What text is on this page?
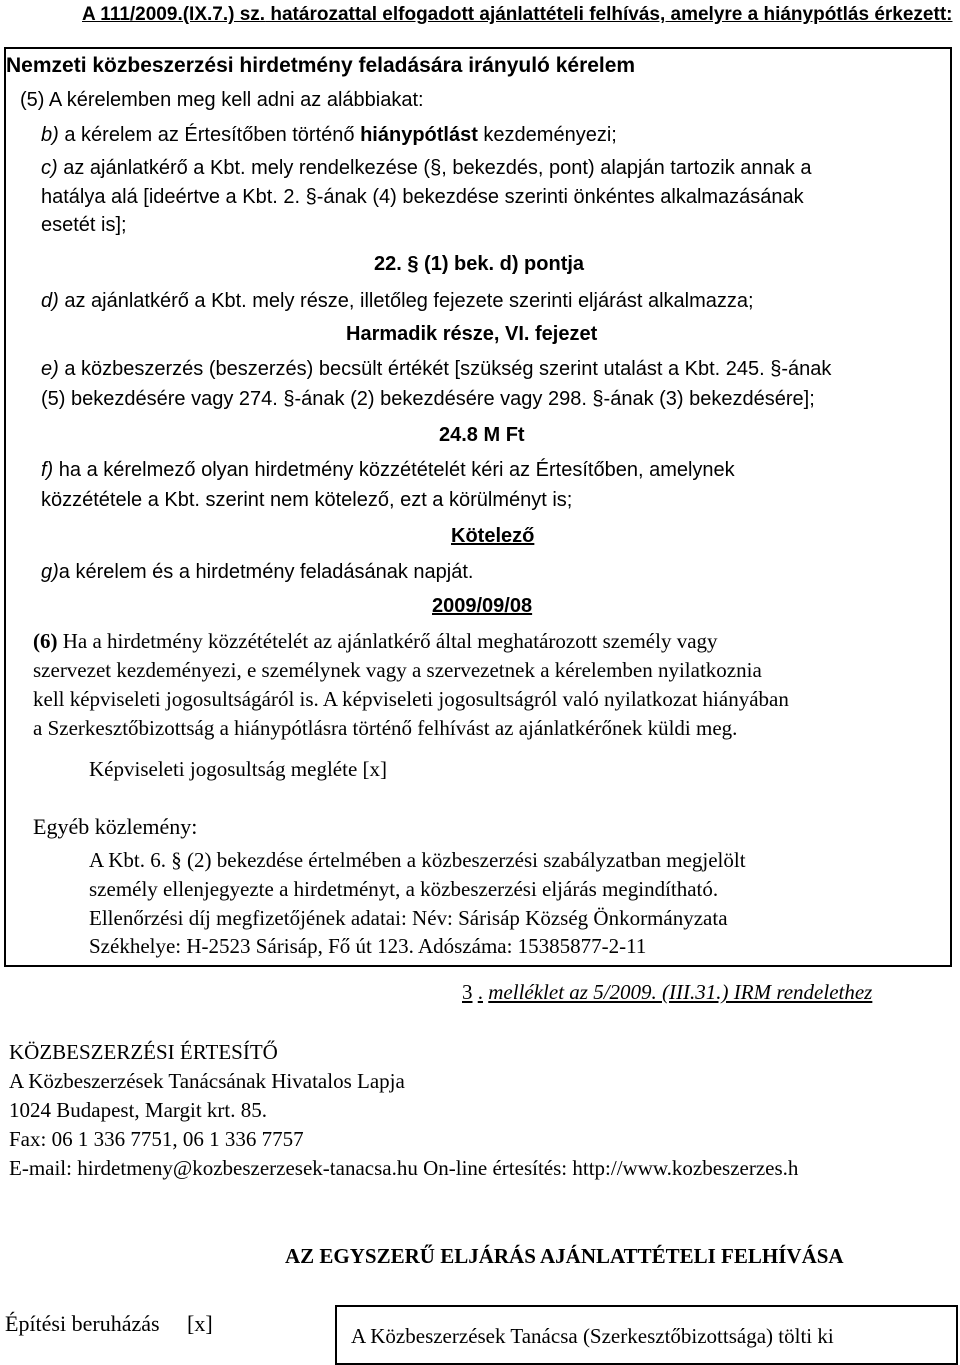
A 111/2009.(IX.7.) sz. határozattal elfogadott ajánlattételi felhívás, amelyre a hiánypótlás érkezett:
Nemzeti közbeszerzési hirdetmény feladására irányuló kérelem
(5) A kérelemben meg kell adni az alábbiakat:
b) a kérelem az Értesítőben történő hiánypótlást kezdeményezi;
c) az ajánlatkérő a Kbt. mely rendelkezése (§, bekezdés, pont) alapján tartozik annak a
hatálya alá [ideértve a Kbt. 2. §-ának (4) bekezdése szerinti önkéntes alkalmazásának
esetét is];
22. § (1) bek. d) pontja
d) az ajánlatkérő a Kbt. mely része, illetőleg fejezete szerinti eljárást alkalmazza;
Harmadik része, VI. fejezet
e) a közbeszerzés (beszerzés) becsült értékét [szükség szerint utalást a Kbt. 245. §-ának
(5) bekezdésére vagy 274. §-ának (2) bekezdésére vagy 298. §-ának (3) bekezdésére];
24.8 M Ft
f) ha a kérelmező olyan hirdetmény közzétételét kéri az Értesítőben, amelynek
közzététele a Kbt. szerint nem kötelező, ezt a körülményt is;
Kötelező
g)a kérelem és a hirdetmény feladásának napját.
2009/09/08
(6) Ha a hirdetmény közzétételét az ajánlatkérő által meghatározott személy vagy
szervezet kezdeményezi, e személynek vagy a szervezetnek a kérelemben nyilatkoznia
kell képviseleti jogosultságáról is. A képviseleti jogosultságról való nyilatkozat hiányában
a Szerkesztőbizottság a hiánypótlásra történő felhívást az ajánlatkérőnek küldi meg.
Képviseleti jogosultság megléte [x]
Egyéb közlemény:
A Kbt. 6. § (2) bekezdése értelmében a közbeszerzési szabályzatban megjelölt
személy ellenjegyezte a hirdetményt, a közbeszerzési eljárás megindítható.
Ellenőrzési díj megfizetőjének adatai: Név: Sárisáp Község Önkormányzata
Székhelye: H-2523 Sárisáp, Fő út 123. Adószáma: 15385877-2-11
3 . melléklet az 5/2009. (III.31.) IRM rendelethez
KÖZBESZERZÉSI ÉRTESÍTŐ
A Közbeszerzések Tanácsának Hivatalos Lapja
1024 Budapest, Margit krt. 85.
Fax: 06 1 336 7751, 06 1 336 7757
E-mail: hirdetmeny@kozbeszerzesek-tanacsa.hu On-line értesítés: http://www.kozbeszerzes.h
AZ EGYSZERŰ ELJÁRÁS AJÁNLATTÉTELI FELHÍVÁSA
Építési beruházás     [x]	A Közbeszerzések Tanácsa (Szerkesztőbizottsága) tölti ki
